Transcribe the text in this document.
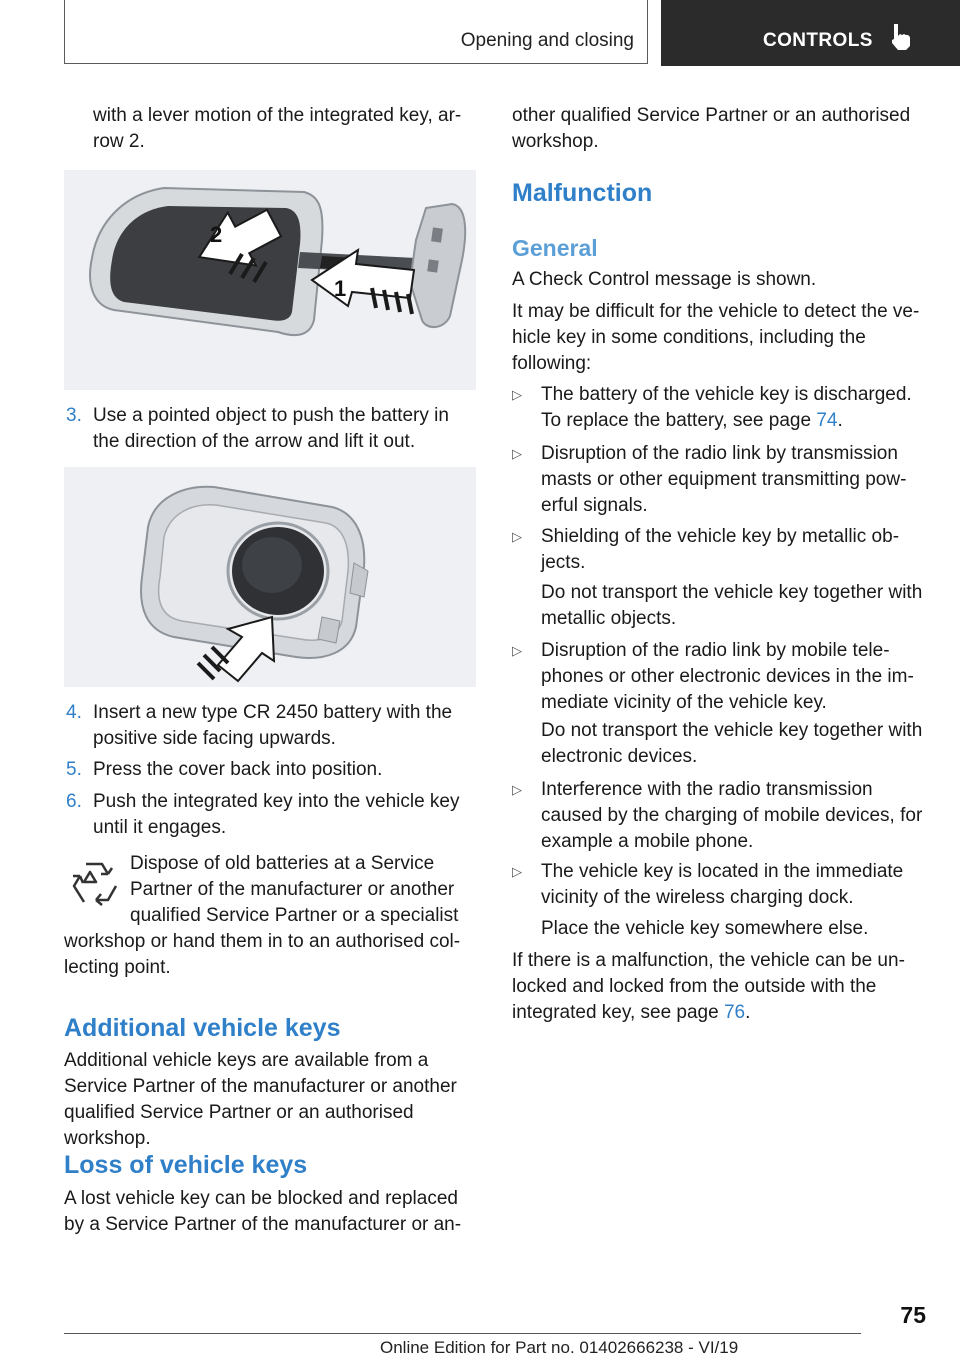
Opening and closing	CONTROLS

with a lever motion of the integrated key, arrow 2.

1
2
3. Use a pointed object to push the battery in the direction of the arrow and lift it out.

4. Insert a new type CR 2450 battery with the positive side facing upwards.

5. Press the cover back into position.

6. Push the integrated key into the vehicle key until it engages.

Dispose of old batteries at a Service Partner of the manufacturer or another qualified Service Partner or a specialist workshop or hand them in to an authorised collecting point.

Additional vehicle keys

Additional vehicle keys are available from a Service Partner of the manufacturer or another qualified Service Partner or an authorised workshop.

Loss of vehicle keys

A lost vehicle key can be blocked and replaced by a Service Partner of the manufacturer or an-

other qualified Service Partner or an authorised workshop.

Malfunction
General

A Check Control message is shown.

It may be difficult for the vehicle to detect the vehicle key in some conditions, including the following:

▷ The battery of the vehicle key is discharged. To replace the battery, see page 74.

▷ Disruption of the radio link by transmission masts or other equipment transmitting powerful signals.

▷ Shielding of the vehicle key by metallic objects.

Do not transport the vehicle key together with metallic objects.

▷ Disruption of the radio link by mobile telephones or other electronic devices in the immediate vicinity of the vehicle key.

Do not transport the vehicle key together with electronic devices.

▷ Interference with the radio transmission caused by the charging of mobile devices, for example a mobile phone.

▷ The vehicle key is located in the immediate vicinity of the wireless charging dock.

Place the vehicle key somewhere else.

If there is a malfunction, the vehicle can be unlocked and locked from the outside with the integrated key, see page 76.

75
Online Edition for Part no. 01402666238 - VI/19
